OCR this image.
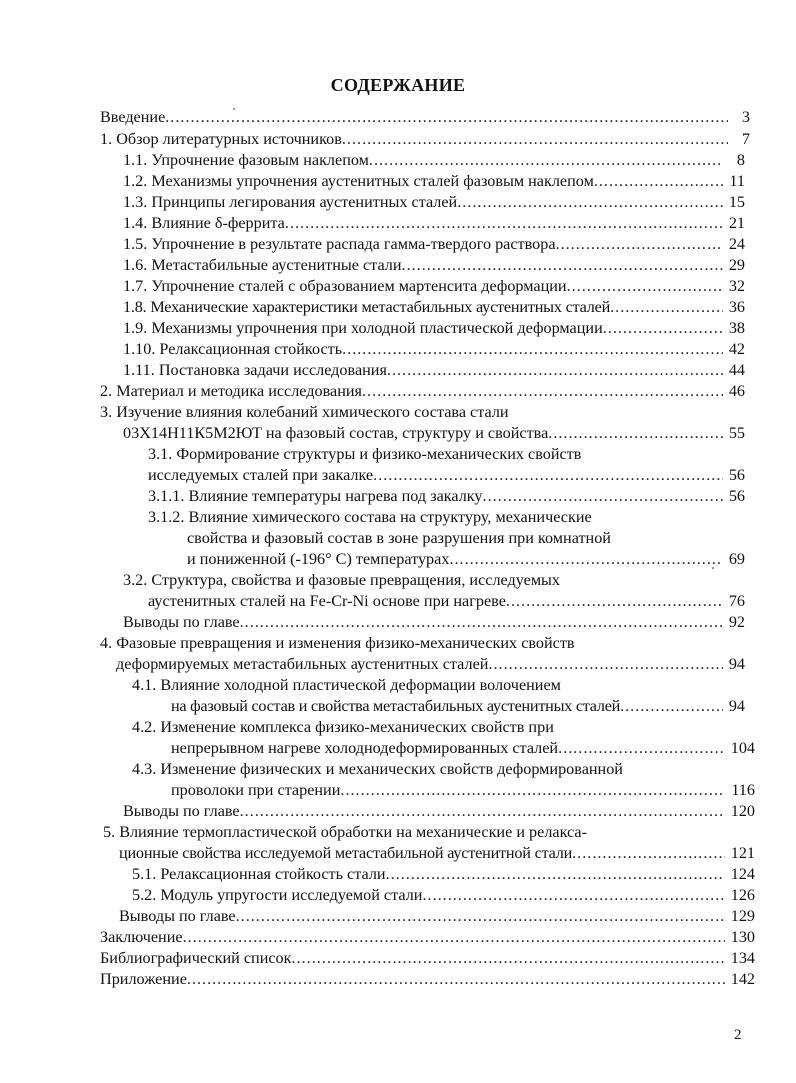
СОДЕРЖАНИЕ
Введение .....	3
1. Обзор литературных источников .....	7
1.1. Упрочнение фазовым наклепом .....	8
1.2. Механизмы упрочнения аустенитных сталей фазовым наклепом .....	11
1.3. Принципы легирования аустенитных сталей .....	15
1.4. Влияние δ-феррита .....	21
1.5. Упрочнение в результате распада гамма-твердого раствора .....	24
1.6. Метастабильные аустенитные стали .....	29
1.7. Упрочнение сталей с образованием мартенсита деформации .....	32
1.8. Механические характеристики метастабильных аустенитных сталей .....	36
1.9. Механизмы упрочнения при холодной пластической деформации .....	38
1.10. Релаксационная стойкость .....	42
1.11. Постановка задачи исследования .....	44
2. Материал и методика исследования .....	46
3. Изучение влияния колебаний химического состава стали
03Х14Н11К5М2ЮТ на фазовый состав, структуру и свойства .....	55
3.1. Формирование структуры и физико-механических свойств
исследуемых сталей при закалке .....	56
3.1.1. Влияние температуры нагрева под закалку .....	56
3.1.2. Влияние химического состава на структуру, механические
свойства и фазовый состав в зоне разрушения при комнатной
и пониженной (-196° С) температурах .....	69
3.2. Структура, свойства и фазовые превращения, исследуемых
аустенитных сталей на Fe-Cr-Ni основе при нагреве .....	76
Выводы по главе .....	92
4. Фазовые превращения и изменения физико-механических свойств
деформируемых метастабильных аустенитных сталей .....	94
4.1. Влияние холодной пластической деформации волочением
на фазовый состав и свойства метастабильных аустенитных сталей .....	94
4.2. Изменение комплекса физико-механических свойств при
непрерывном нагреве холоднодеформированных сталей .....	104
4.3. Изменение физических и механических свойств деформированной
проволоки при старении .....	116
Выводы по главе .....	120
5. Влияние термопластической обработки на механические и релакса-
ционные свойства исследуемой метастабильной аустенитной стали .....	121
5.1. Релаксационная стойкость стали .....	124
5.2. Модуль упругости исследуемой стали .....	126
Выводы по главе .....	129
Заключение .....	130
Библиографический список .....	134
Приложение .....	142
2
